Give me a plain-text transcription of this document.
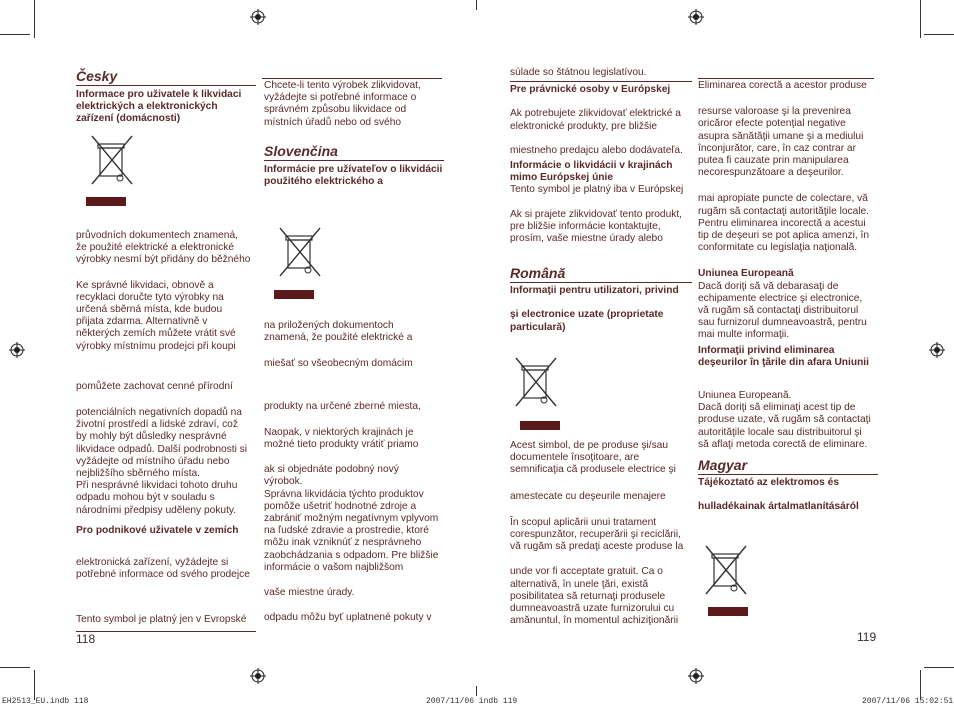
Česky

Informace pro uživatele k likvidaci elektrických a elektronických zařízení (domácnosti)

průvodních dokumentech znamená,
že použité elektrické a elektronické
výrobky nesmí být přidány do běžného

Ke správné likvidaci, obnově a
recyklaci doručte tyto výrobky na
určená sběrná místa, kde budou
přijata zdarma. Alternativně v
některých zemích můžete vrátit své
výrobky místnímu prodejci při koupi

pomůžete zachovat cenné přírodní

potenciálních negativních dopadů na
životní prostředí a lidské zdraví, což
by mohly být důsledky nesprávné
likvidace odpadů. Další podrobnosti si
vyžádejte od místního úřadu nebo
nejbližšího sběrného místa.
Při nesprávné likvidaci tohoto druhu
odpadu mohou být v souladu s
národními předpisy uděleny pokuty.

Pro podnikové uživatele v zemích

elektronická zařízení, vyžádejte si
potřebné informace od svého prodejce

Tento symbol je platný jen v Evropské

118

Chcete-li tento výrobek zlikvidovat,
vyžádejte si potřebné informace o
správném způsobu likvidace od
místních úřadů nebo od svého

Slovenčina

Informácie pre užívateľov o likvidácii použitého elektrického a

na priložených dokumentoch
znamená, že použité elektrické a

miešať so všeobecným domácim

produkty na určené zberné miesta,

Naopak, v niektorých krajinách je
možné tieto produkty vrátiť priamo

ak si objednáte podobný nový
výrobok.
Správna likvidácia týchto produktov
pomôže ušetriť hodnotné zdroje a
zabrániť možným negatívnym vplyvom
na ľudské zdravie a prostredie, ktoré
môžu inak vzniknúť z nesprávneho
zaobchádzania s odpadom. Pre bližšie
informácie o vašom najbližšom

vaše miestne úrady.

odpadu môžu byť uplatnené pokuty v

súlade so štátnou legislatívou.

Pre právnické osoby v Európskej

Ak potrebujete zlikvidovať elektrické a
elektronické produkty, pre bližšie

miestneho predajcu alebo dodávateľa.

Informácie o likvidácii v krajinách mimo Európskej únie

Tento symbol je platný iba v Európskej

Ak si prajete zlikvidovať tento produkt,
pre bližšie informácie kontaktujte,
prosím, vaše miestne úrady alebo

Română

Informaţii pentru utilizatori, privind

şi electronice uzate (proprietate particulară)

Acest simbol, de pe produse şi/sau
documentele însoţitoare, are
semnificaţia că produsele electrice şi

amestecate cu deşeurile menajere

În scopul aplicării unui tratament
corespunzător, recuperării şi reciclării,
vă rugăm să predaţi aceste produse la

unde vor fi acceptate gratuit. Ca o
alternativă, în unele ţări, există
posibilitatea să returnaţi produsele
dumneavoastră uzate furnizorului cu
amănuntul, în momentul achiziţionării

Eliminarea corectă a acestor produse

resurse valoroase şi la prevenirea
oricăror efecte potenţial negative
asupra sănătăţii umane şi a mediului
înconjurător, care, în caz contrar ar
putea fi cauzate prin manipularea
necorespunzătoare a deşeurilor.

mai apropiate puncte de colectare, vă
rugăm să contactaţi autorităţile locale.
Pentru eliminarea incorectă a acestui
tip de deşeuri se pot aplica amenzi, în
conformitate cu legislaţia naţională.

Uniunea Europeană

Dacă doriţi să vă debarasaţi de
echipamente electrice şi electronice,
vă rugăm să contactaţi distribuitorul
sau furnizorul dumneavoastră, pentru
mai multe informaţii.

Informaţii privind eliminarea deşeurilor în ţările din afara Uniunii

Uniunea Europeană.
Dacă doriţi să eliminaţi acest tip de
produse uzate, vă rugăm să contactaţi
autorităţile locale sau distribuitorul şi
să aflaţi metoda corectă de eliminare.

Magyar

Tájékoztató az elektromos és

hulladékainak ártalmatlanításáról

119
EH2513_EU.indb 118	2007/11/06 indb 119	2007/11/06 15:02:51
